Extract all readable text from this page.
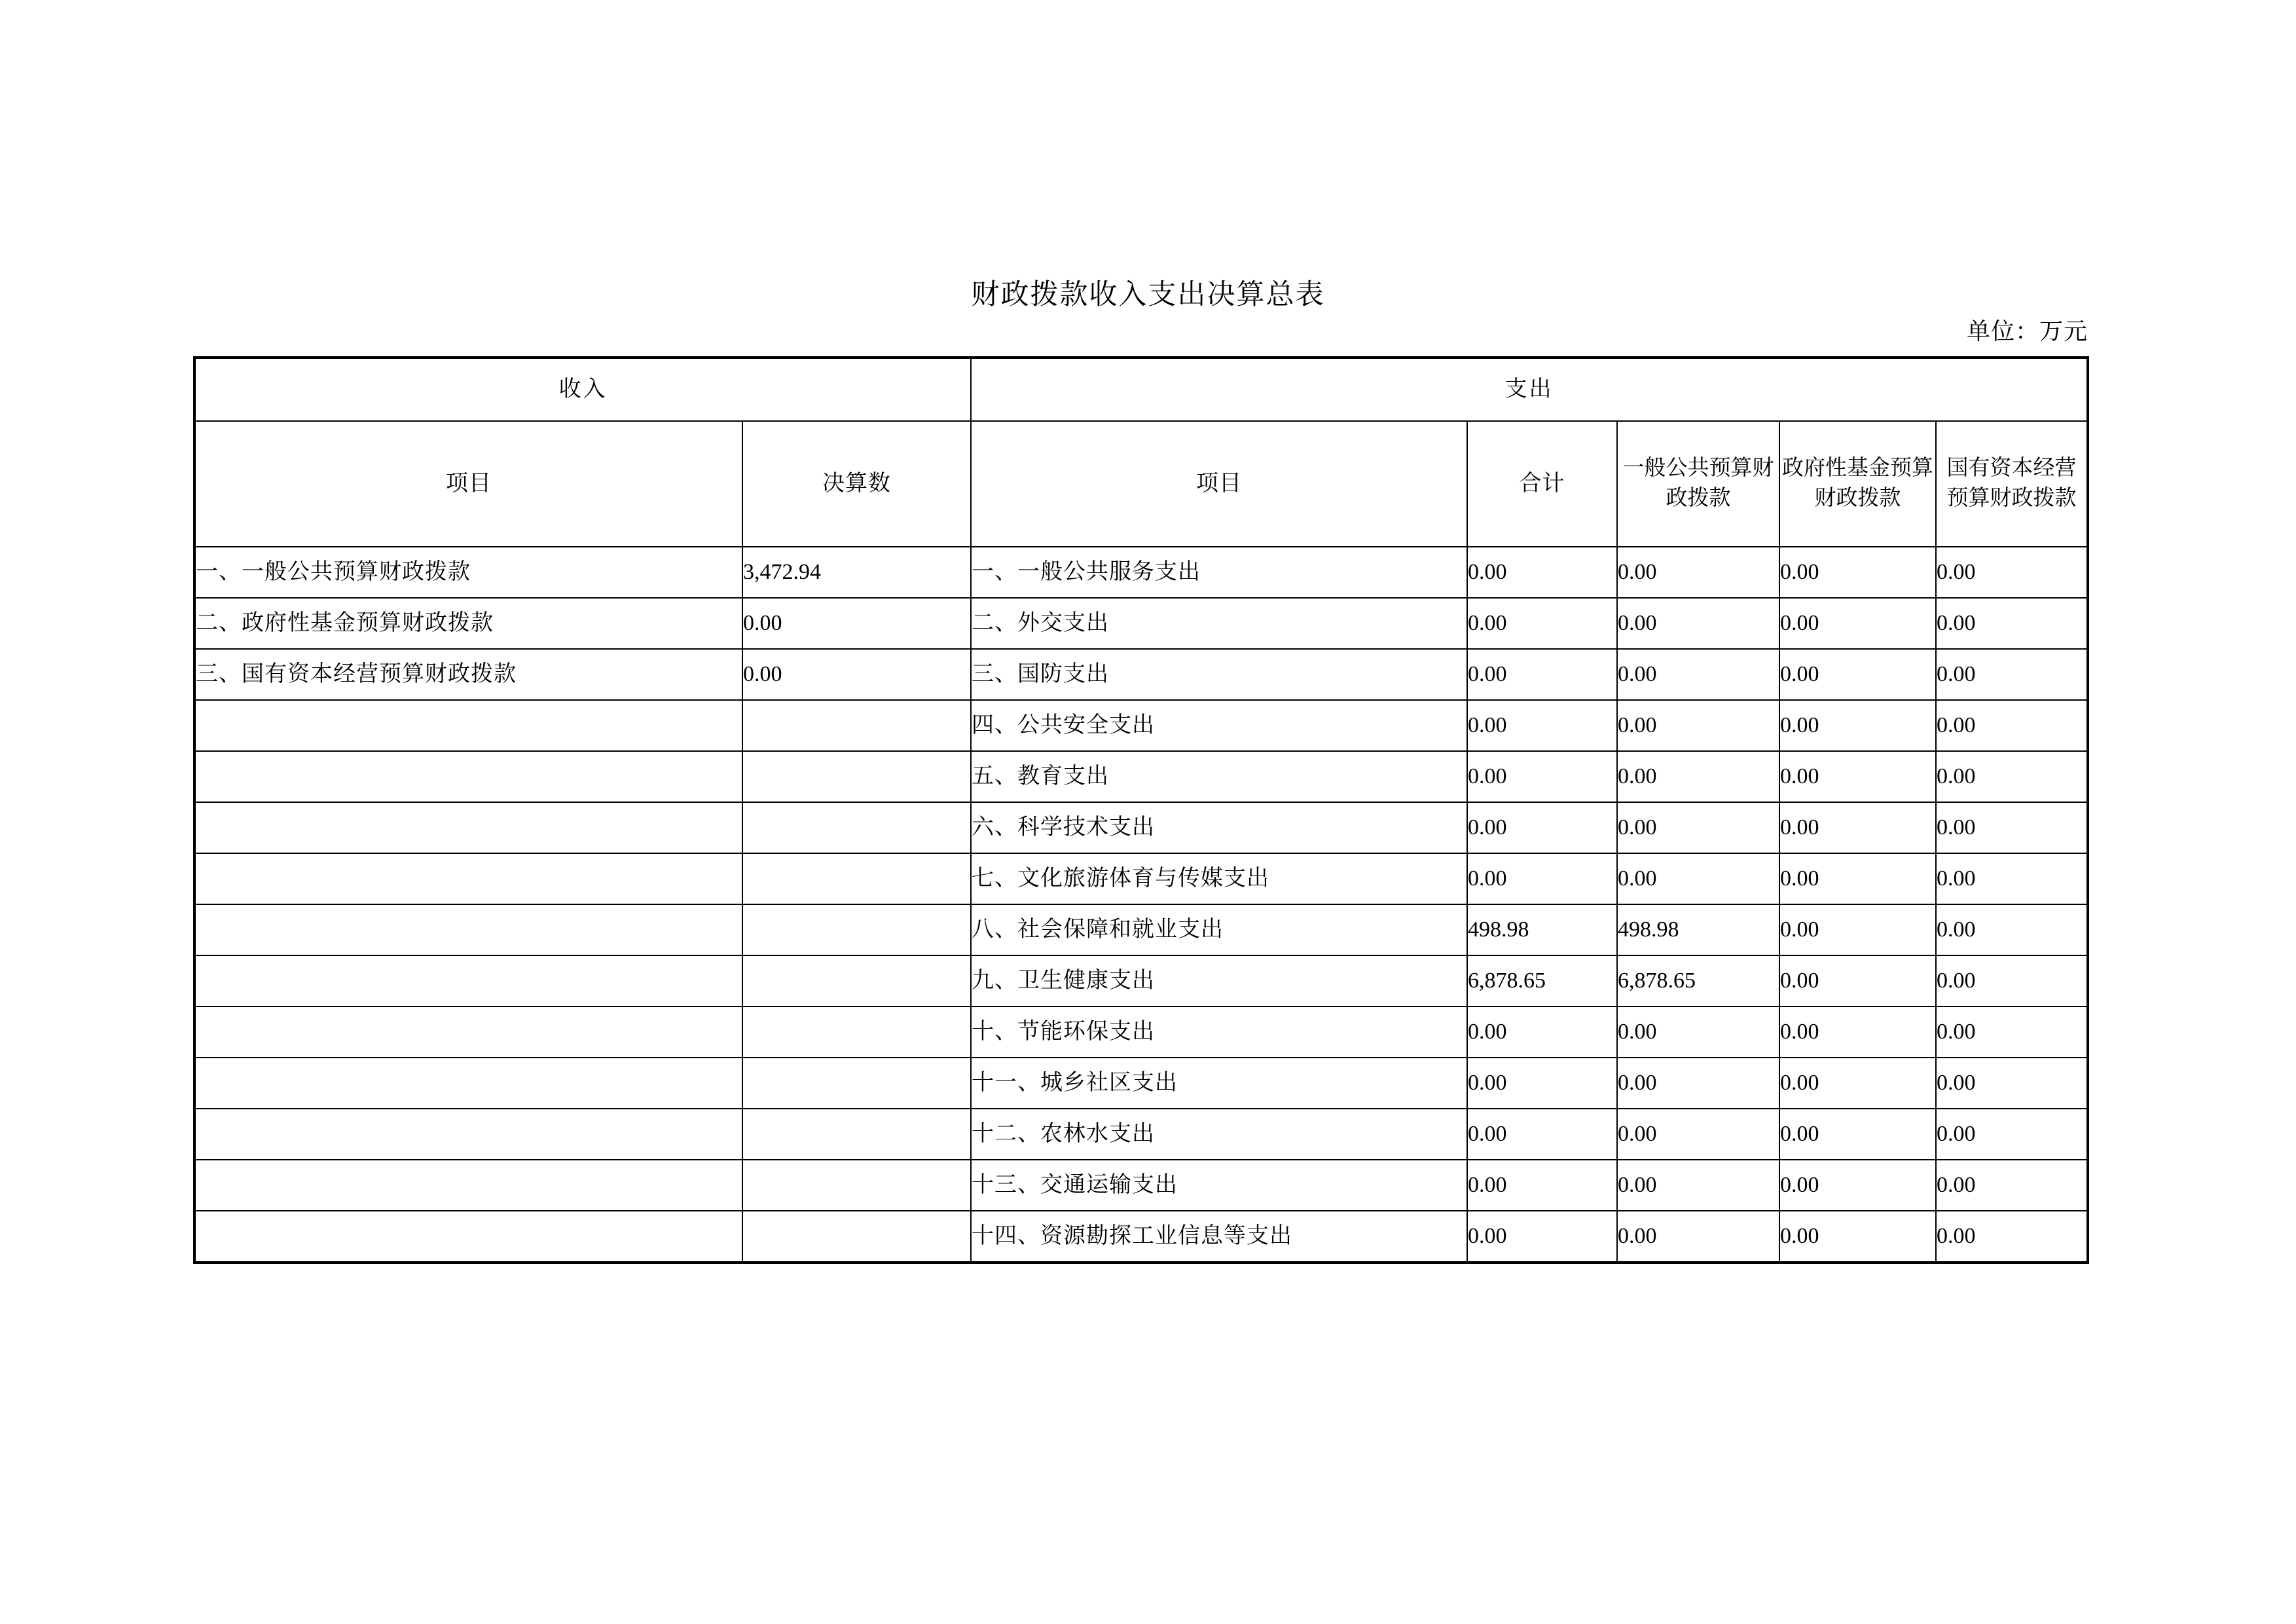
财政拨款收入支出决算总表
单位：万元
收入		支出				
项目	决算数	项目	合计	一般公共预算财政拨款	政府性基金预算财政拨款	国有资本经营预算财政拨款
一、一般公共预算财政拨款	3,472.94	一、一般公共服务支出	0.00	0.00	0.00	0.00
二、政府性基金预算财政拨款	0.00	二、外交支出	0.00	0.00	0.00	0.00
三、国有资本经营预算财政拨款	0.00	三、国防支出	0.00	0.00	0.00	0.00
		四、公共安全支出	0.00	0.00	0.00	0.00
		五、教育支出	0.00	0.00	0.00	0.00
		六、科学技术支出	0.00	0.00	0.00	0.00
		七、文化旅游体育与传媒支出	0.00	0.00	0.00	0.00
		八、社会保障和就业支出	498.98	498.98	0.00	0.00
		九、卫生健康支出	6,878.65	6,878.65	0.00	0.00
		十、节能环保支出	0.00	0.00	0.00	0.00
		十一、城乡社区支出	0.00	0.00	0.00	0.00
		十二、农林水支出	0.00	0.00	0.00	0.00
		十三、交通运输支出	0.00	0.00	0.00	0.00
		十四、资源勘探工业信息等支出	0.00	0.00	0.00	0.00
